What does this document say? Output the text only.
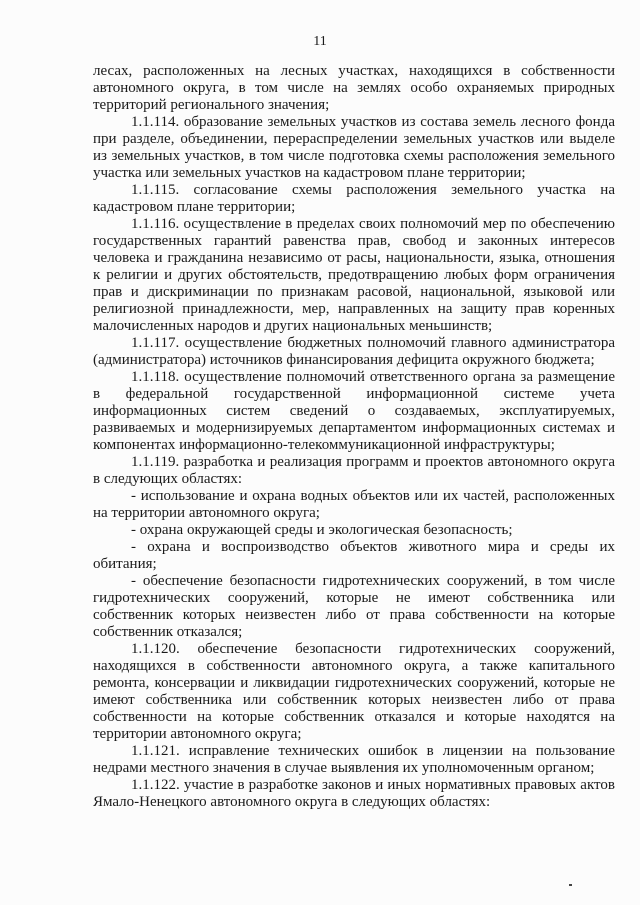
11

лесах, расположенных на лесных участках, находящихся в собственности автономного округа, в том числе на землях особо охраняемых природных территорий регионального значения;

1.1.114. образование земельных участков из состава земель лесного фонда при разделе, объединении, перераспределении земельных участков или выделе из земельных участков, в том числе подготовка схемы расположения земельного участка или земельных участков на кадастровом плане территории;

1.1.115. согласование схемы расположения земельного участка на кадастровом плане территории;

1.1.116. осуществление в пределах своих полномочий мер по обеспечению государственных гарантий равенства прав, свобод и законных интересов человека и гражданина независимо от расы, национальности, языка, отношения к религии и других обстоятельств, предотвращению любых форм ограничения прав и дискриминации по признакам расовой, национальной, языковой или религиозной принадлежности, мер, направленных на защиту прав коренных малочисленных народов и других национальных меньшинств;

1.1.117. осуществление бюджетных полномочий главного администратора (администратора) источников финансирования дефицита окружного бюджета;

1.1.118. осуществление полномочий ответственного органа за размещение в федеральной государственной информационной системе учета информационных систем сведений о создаваемых, эксплуатируемых, развиваемых и модернизируемых департаментом информационных системах и компонентах информационно-телекоммуникационной инфраструктуры;

1.1.119. разработка и реализация программ и проектов автономного округа в следующих областях:

- использование и охрана водных объектов или их частей, расположенных на территории автономного округа;

- охрана окружающей среды и экологическая безопасность;

- охрана и воспроизводство объектов животного мира и среды их обитания;

- обеспечение безопасности гидротехнических сооружений, в том числе гидротехнических сооружений, которые не имеют собственника или собственник которых неизвестен либо от права собственности на которые собственник отказался;

1.1.120. обеспечение безопасности гидротехнических сооружений, находящихся в собственности автономного округа, а также капитального ремонта, консервации и ликвидации гидротехнических сооружений, которые не имеют собственника или собственник которых неизвестен либо от права собственности на которые собственник отказался и которые находятся на территории автономного округа;

1.1.121. исправление технических ошибок в лицензии на пользование недрами местного значения в случае выявления их уполномоченным органом;

1.1.122. участие в разработке законов и иных нормативных правовых актов Ямало-Ненецкого автономного округа в следующих областях:
